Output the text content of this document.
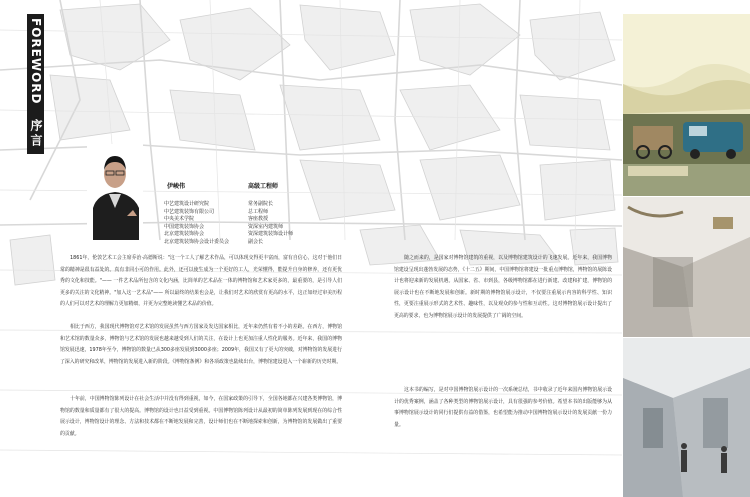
FOREWORD
序言
伊峻伟	高级工程师
中艺建筑设计研究院
中艺建筑装饰有限公司
中央美术学院
中国建筑装饰协会
北京建筑装饰协会
北京建筑装饰协会设计委员会
常务副院长
总工程师
客座教授
资深室内建筑师
资深建筑装饰设计师
副会长

1861年，伦敦艺术工会主席乔治·高德斯说："这一个工人了解艺术作品，可以体现交得更丰富而，富有自信心，这对于他们日常的精神是很有益处的。真有非同小可的作用。此外，还可以使生成为一个更好的工人，光荣懂得，能提升自身的修养，还有更优秀的文化和技能。"—— 一件艺术品所包含的文化内涵，比简单的艺术品在一体的博物馆和艺术家更多的，最重要的，是引导人们更多的关注的文化精神。"加入这一艺术品"—— 所以最终的结果也会是，让我们对艺术的欣赏有更高的水平，这正如经过审美历程的人们可以对艺术的理解力更加精细，并更为完整地读懂艺术品的价值。

相比于西方，我国现代博物馆对艺术馆的发展虽然与西方国家及发达国家相比，近年来仍然有着不小的差距。在西方，博物馆和艺术馆的数量众多，博物馆与艺术馆的发展也越来越受到人们的关注，在设计上也更加注重人性化的服务。近年来，我国的博物馆发展迅速，1978年至今，博物馆的数量已从300多座发展到3000多座；2009年，我国又有了更大的突破，对博物馆的发展进行了深入的研究和改革，博物馆的发展进入新的阶段。《博物馆条例》和各项政策也陆续出台，博物馆建设进入一个崭新的历史时期。

十年前，中国博物馆陈列设计在社会生活中并没有得到重视，如今，在国家政策的引导下，全国各地都在兴建各类博物馆，博物馆的数量和质量都有了很大的提高。博物馆的设计也日益受到重视。中国博物馆陈列设计从最初的简单陈列发展到现在的综合性展示设计，博物馆设计的理念、方法和技术都在不断地发展和完善，设计师们也在不断地探索和创新，为博物馆的发展做出了重要的贡献。

随之而来的，是国家对博物馆建筑的重视，以及博物馆建筑设计的飞速发展。近年来，我国博物馆建设呈现出蓬勃发展的态势，《十二五》期间，中国博物馆将建设一批重点博物馆，博物馆的展陈设计也将迎来新的发展机遇。从国家、省、市到县，各级博物馆都在进行新建、改建和扩建，博物馆的展示设计也在不断地发展和创新。新时期的博物馆展示设计，不仅要注重展示内容的科学性、知识性，更要注重展示形式的艺术性、趣味性，以及观众的参与性和互动性。这对博物馆展示设计提出了更高的要求，也为博物馆展示设计的发展提供了广阔的空间。

这本书的编写，是对中国博物馆展示设计的一次系统总结，书中收录了近年来国内博物馆展示设计的优秀案例，涵盖了各种类型的博物馆展示设计，具有很强的参考价值。希望本书的出版能够为从事博物馆展示设计的同行们提供有益的借鉴，也希望能为推动中国博物馆展示设计的发展贡献一份力量。
